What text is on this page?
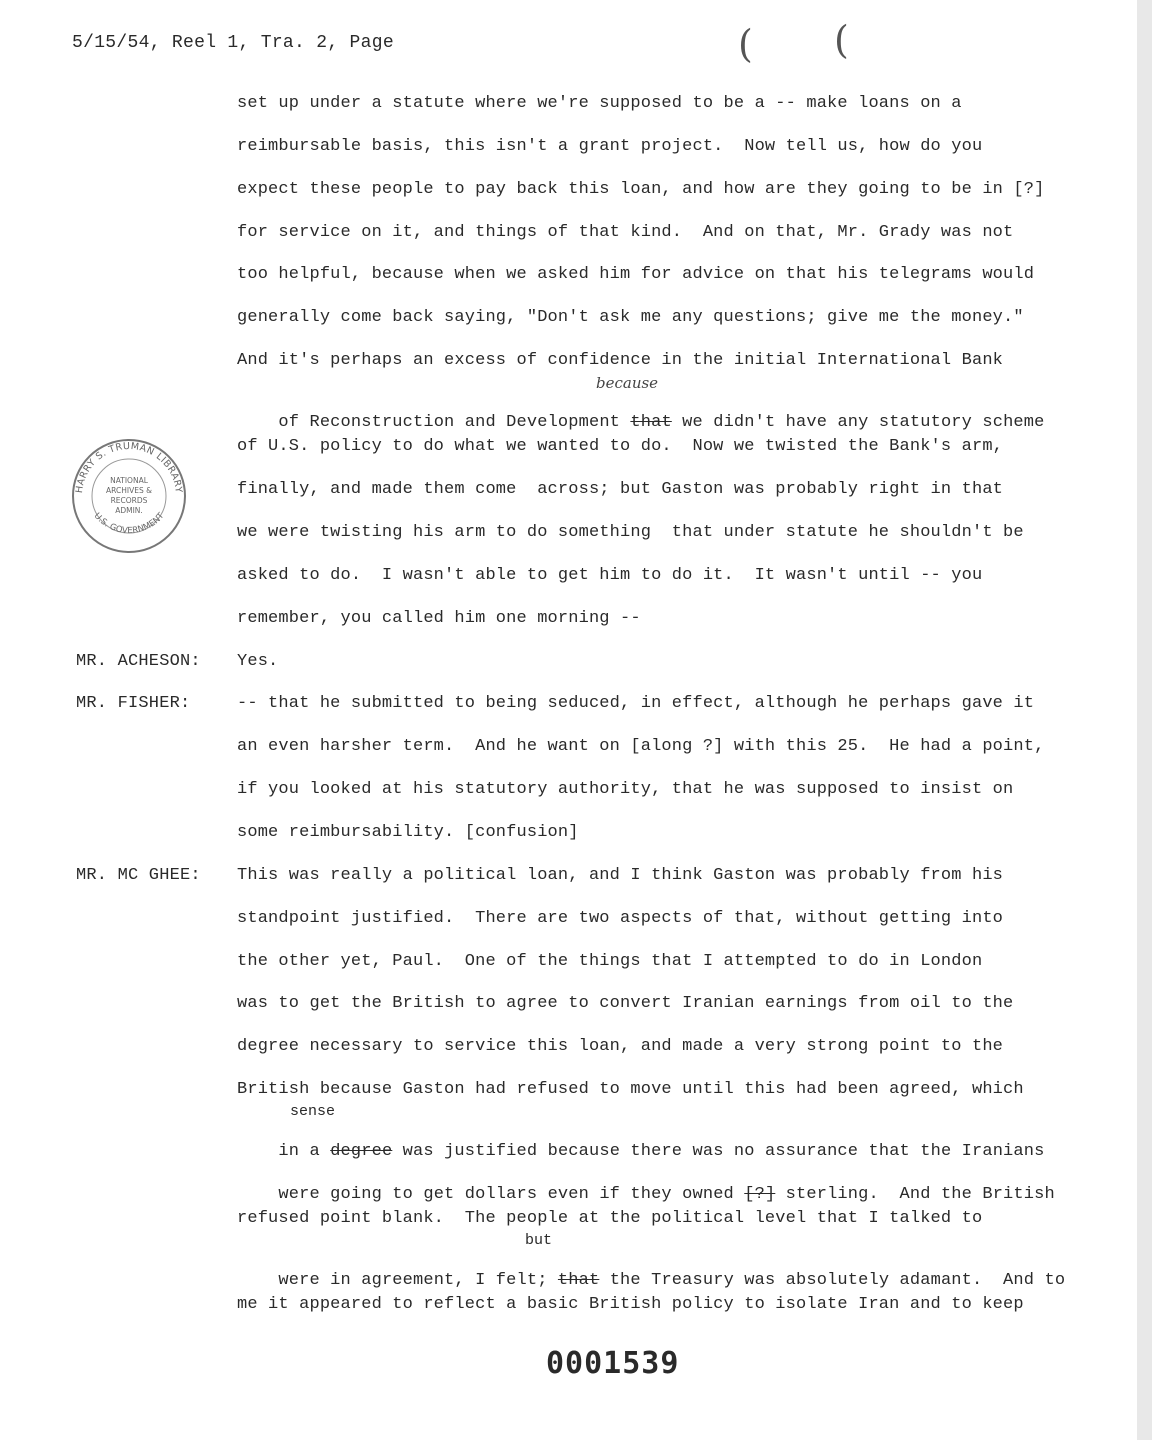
5/15/54, Reel 1, Tra. 2, Page	( (
HARRY S. TRUMAN LIBRARY
U.S. GOVERNMENT
NATIONAL
ARCHIVES &
RECORDS
ADMIN.
MR. ACHESON:
MR. FISHER:
MR. MC GHEE:
set up under a statute where we're supposed to be a -- make loans on a
reimbursable basis, this isn't a grant project.  Now tell us, how do you
expect these people to pay back this loan, and how are they going to be in [?]
for service on it, and things of that kind.  And on that, Mr. Grady was not
too helpful, because when we asked him for advice on that his telegrams would
generally come back saying, "Don't ask me any questions; give me the money."
And it's perhaps an excess of confidence in the initial International Bank

of Reconstruction and Development that we didn't have any statutory scheme

because
of U.S. policy to do what we wanted to do.  Now we twisted the Bank's arm,
finally, and made them come  across; but Gaston was probably right in that
we were twisting his arm to do something  that under statute he shouldn't be
asked to do.  I wasn't able to get him to do it.  It wasn't until -- you
remember, you called him one morning --
Yes.
-- that he submitted to being seduced, in effect, although he perhaps gave it
an even harsher term.  And he want on [along ?] with this 25.  He had a point,
if you looked at his statutory authority, that he was supposed to insist on
some reimbursability. [confusion]
This was really a political loan, and I think Gaston was probably from his
standpoint justified.  There are two aspects of that, without getting into
the other yet, Paul.  One of the things that I attempted to do in London
was to get the British to agree to convert Iranian earnings from oil to the
degree necessary to service this loan, and made a very strong point to the
British because Gaston had refused to move until this had been agreed, which

in a degree was justified because there was no assurance that the Iranians

sense

were going to get dollars even if they owned [?] sterling.  And the British

refused point blank.  The people at the political level that I talked to

were in agreement, I felt; that the Treasury was absolutely adamant.  And to

but
me it appeared to reflect a basic British policy to isolate Iran and to keep
0001539
